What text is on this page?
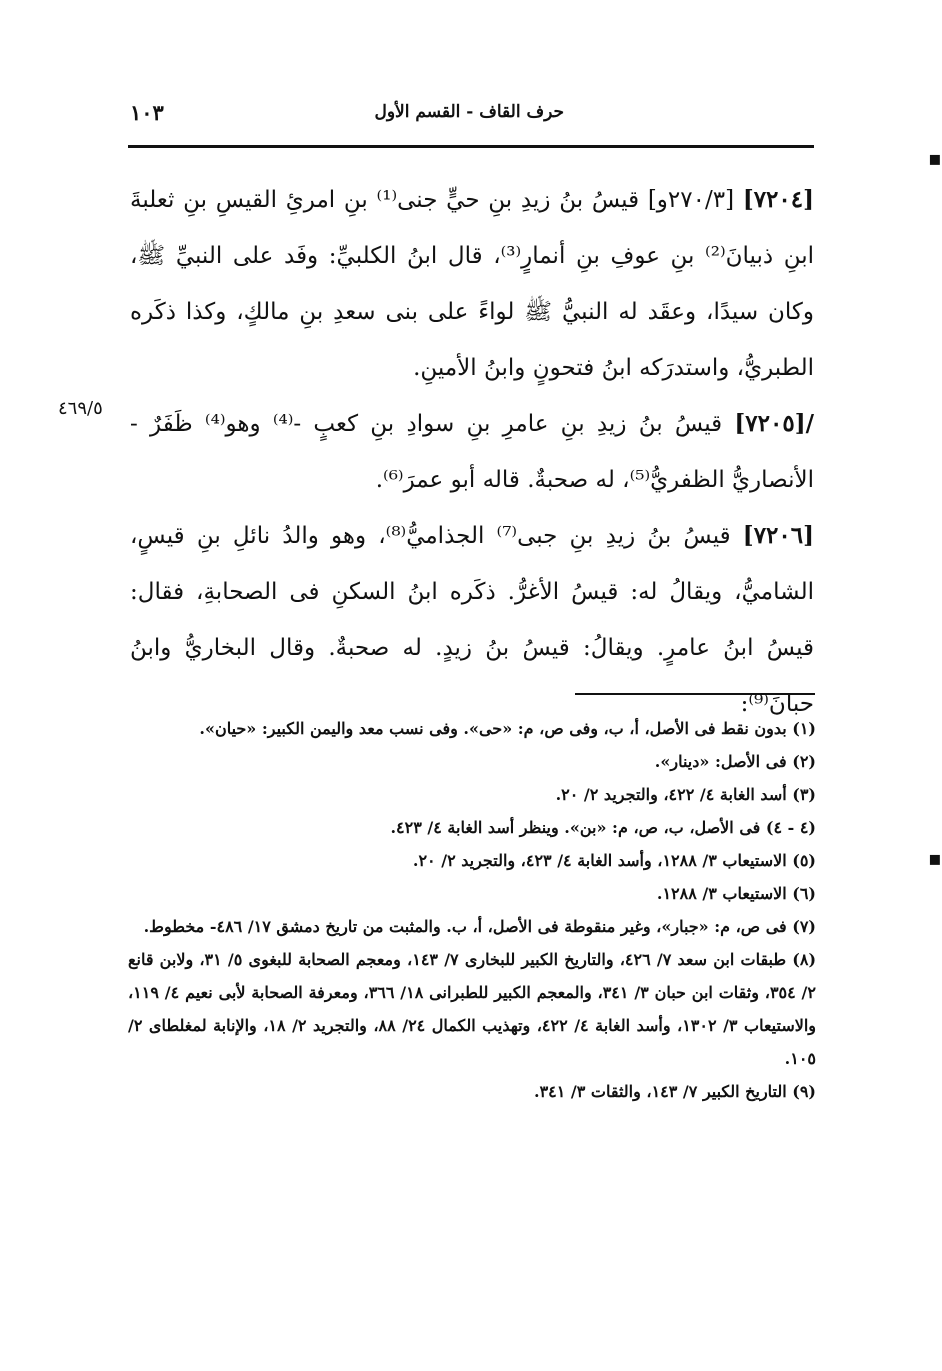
حرف القاف - القسم الأول
١٠٣

[٧٢٠٤] [٢٧٠/٣و] قيسُ بنُ زيدِ بنِ حيٍّ جنى⁽¹⁾ بنِ امرئِ القيسِ بنِ ثعلبةَ ابنِ ذبيانَ⁽²⁾ بنِ عوفِ بنِ أنمارٍ⁽³⁾، قال ابنُ الكلبيِّ: وفَد على النبيِّ ﷺ، وكان سيدًا، وعقَد له النبيُّ ﷺ لواءً على بنى سعدِ بنِ مالكٍ، وكذا ذكَره الطبريُّ، واستدرَكه ابنُ فتحونٍ وابنُ الأمينِ.

/[٧٢٠٥] قيسُ بنُ زيدِ بنِ عامرِ بنِ سوادِ بنِ كعبٍ -⁽⁴⁾ وهو⁽⁴⁾ ظَفَرٌ - الأنصاريُّ الظفريُّ⁽⁵⁾، له صحبةٌ. قاله أبو عمرَ⁽⁶⁾.

[٧٢٠٦] قيسُ بنُ زيدِ بنِ جبى⁽⁷⁾ الجذاميُّ⁽⁸⁾، وهو والدُ نائلِ بنِ قيسٍ، الشاميُّ، ويقالُ له: قيسُ الأغرُّ. ذكَره ابنُ السكنِ فى الصحابةِ، فقال: قيسُ ابنُ عامرٍ. ويقالُ: قيسُ بنُ زيدٍ. له صحبةٌ. وقال البخاريُّ وابنُ حبانَ⁽⁹⁾:

٤٦٩/٥

(١) بدون نقط فى الأصل، أ، ب، وفى ص، م: «حى». وفى نسب معد واليمن الكبير: «حيان».

(٢) فى الأصل: «دينار».

(٣) أسد الغابة ٤/ ٤٢٢، والتجريد ٢/ ٢٠.

(٤ - ٤) فى الأصل، ب، ص، م: «بن». وينظر أسد الغابة ٤/ ٤٢٣.

(٥) الاستيعاب ٣/ ١٢٨٨، وأسد الغابة ٤/ ٤٢٣، والتجريد ٢/ ٢٠.

(٦) الاستيعاب ٣/ ١٢٨٨.

(٧) فى ص، م: «جبار»، وغير منقوطة فى الأصل، أ، ب. والمثبت من تاريخ دمشق ١٧/ ٤٨٦- مخطوط.

(٨) طبقات ابن سعد ٧/ ٤٢٦، والتاريخ الكبير للبخارى ٧/ ١٤٣، ومعجم الصحابة للبغوى ٥/ ٣١، ولابن قانع ٢/ ٣٥٤، وثقات ابن حبان ٣/ ٣٤١، والمعجم الكبير للطبرانى ١٨/ ٣٦٦، ومعرفة الصحابة لأبى نعيم ٤/ ١١٩، والاستيعاب ٣/ ١٣٠٢، وأسد الغابة ٤/ ٤٢٢، وتهذيب الكمال ٢٤/ ٨٨، والتجريد ٢/ ١٨، والإنابة لمغلطاى ٢/ ١٠٥.

(٩) التاريخ الكبير ٧/ ١٤٣، والثقات ٣/ ٣٤١.

▪
▪
